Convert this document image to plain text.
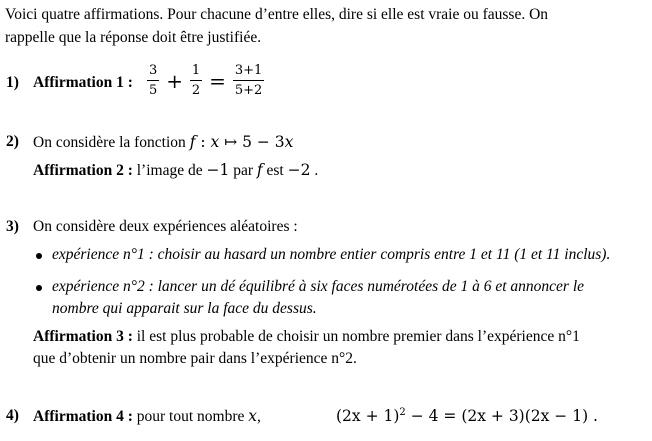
Voici quatre affirmations. Pour chacune d’entre elles, dire si elle est vraie ou fausse. On
rappelle que la réponse doit être justifiée.
1) Affirmation 1 : $\frac{3}{5} + \frac{1}{2} = \frac{3+1}{5+2}$
2) On considère la fonction f : x ↦ 5 − 3x
Affirmation 2 : l’image de −1 par f est −2 .
3) On considère deux expériences aléatoires :
expérience n°1 : choisir au hasard un nombre entier compris entre 1 et 11 (1 et 11 inclus).
expérience n°2 : lancer un dé équilibré à six faces numérotées de 1 à 6 et annoncer le
nombre qui apparait sur la face du dessus.
Affirmation 3 : il est plus probable de choisir un nombre premier dans l’expérience n°1
que d’obtenir un nombre pair dans l’expérience n°2.
4) Affirmation 4 : pour tout nombre x,	$(2x + 1)^2 - 4 = (2x + 3)(2x - 1)$ .
